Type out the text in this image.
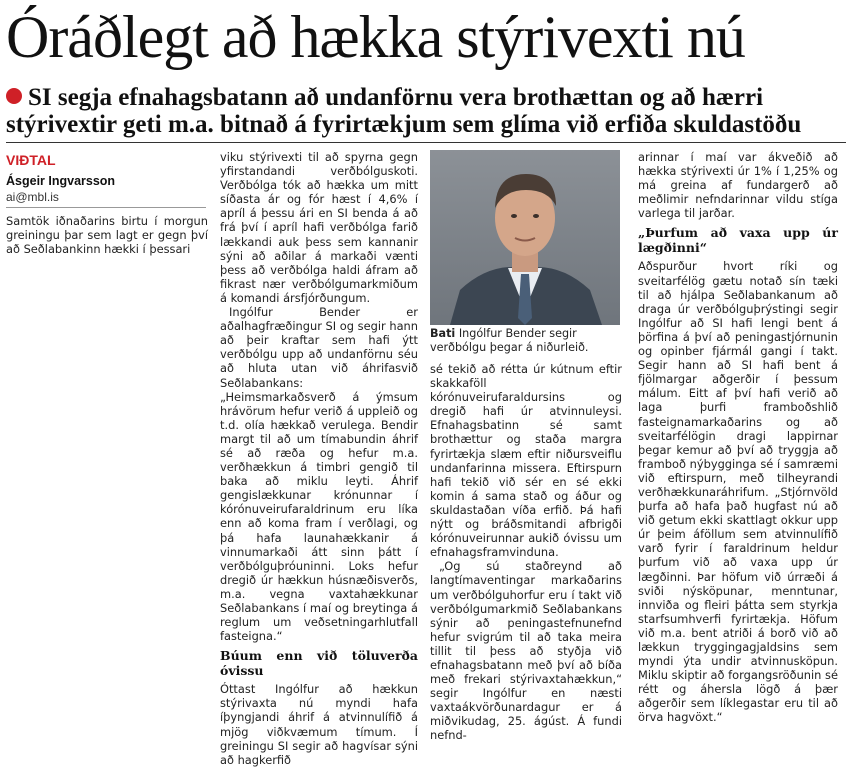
Óráðlegt að hækka stýrivexti nú
SI segja efnahagsbatann að undanförnu vera brothættan og að hærri stýrivextir geti m.a. bitnað á fyrirtækjum sem glíma við erfiða skuldastöðu
VIÐTAL
Ásgeir Ingvarsson
ai@mbl.is

Samtök iðnaðarins birtu í morgun greiningu þar sem lagt er gegn því að Seðlabankinn hækki í þessari

viku stýrivexti til að spyrna gegn yfirstandandi verðbólguskoti. Verðbólga tók að hækka um mitt síðasta ár og fór hæst í 4,6% í apríl á þessu ári en SI benda á að frá því í apríl hafi verðbólga farið lækkandi auk þess sem kannanir sýni að aðilar á markaði vænti þess að verðbólga haldi áfram að fikrast nær verðbólgumarkmiðum á komandi ársfjórðungum.

Ingólfur Bender er aðalhagfræðingur SI og segir hann að þeir kraftar sem hafi ýtt verðbólgu upp að undanförnu séu að hluta utan við áhrifasvið Seðlabankans: „Heimsmarkaðsverð á ýmsum hrávörum hefur verið á uppleið og t.d. olía hækkað verulega. Bendir margt til að um tímabundin áhrif sé að ræða og hefur m.a. verðhækkun á timbri gengið til baka að miklu leyti. Áhrif gengislækkunar krónunnar í kórónuveirufaraldrinum eru líka enn að koma fram í verðlagi, og þá hafa launahækkanir á vinnumarkaði átt sinn þátt í verðbólguþróuninni. Loks hefur dregið úr hækkun húsnæðisverðs, m.a. vegna vaxtahækkunar Seðlabankans í maí og breytinga á reglum um veðsetningarhlutfall fasteigna.“

Búum enn við töluverða óvissu

Óttast Ingólfur að hækkun stýrivaxta nú myndi hafa íþyngjandi áhrif á atvinnulífið á mjög viðkvæmum tímum. Í greiningu SI segir að hagvísar sýni að hagkerfið

Bati Ingólfur Bender segir verðbólgu þegar á niðurleið.

sé tekið að rétta úr kútnum eftir skakkaföll kórónuveirufaraldursins og dregið hafi úr atvinnuleysi. Efnahagsbatinn sé samt brothættur og staða margra fyrirtækja slæm eftir niðursveiflu undanfarinna missera. Eftirspurn hafi tekið við sér en sé ekki komin á sama stað og áður og skuldastaðan víða erfið. Þá hafi nýtt og bráðsmitandi afbrigði kórónuveirunnar aukið óvissu um efnahagsframvinduna.

„Og sú staðreynd að langtímaventingar markaðarins um verðbólguhorfur eru í takt við verðbólgumarkmið Seðlabankans sýnir að peningastefnunefnd hefur svigrúm til að taka meira tillit til þess að styðja við efnahagsbatann með því að bíða með frekari stýrivaxtahækkun,“ segir Ingólfur en næsti vaxtaákvörðunardagur er á miðvikudag, 25. ágúst. Á fundi nefnd-

arinnar í maí var ákveðið að hækka stýrivexti úr 1% í 1,25% og má greina af fundargerð að meðlimir nefndarinnar vildu stíga varlega til jarðar.

„Þurfum að vaxa upp úr lægðinni“

Aðspurður hvort ríki og sveitarfélög gætu notað sín tæki til að hjálpa Seðlabankanum að draga úr verðbólguþrýstingi segir Ingólfur að SI hafi lengi bent á þörfina á því að peningastjórnunin og opinber fjármál gangi í takt. Segir hann að SI hafi bent á fjölmargar aðgerðir í þessum málum. Eitt af því hafi verið að laga þurfi framboðshlið fasteignamarkaðarins og að sveitarfélögin dragi lappirnar þegar kemur að því að tryggja að framboð nýbygginga sé í samræmi við eftirspurn, með tilheyrandi verðhækkunaráhrifum. „Stjórnvöld þurfa að hafa það hugfast nú að við getum ekki skattlagt okkur upp úr þeim áföllum sem atvinnulífið varð fyrir í faraldrinum heldur þurfum við að vaxa upp úr lægðinni. Þar höfum við úrræði á sviði nýsköpunar, menntunar, innviða og fleiri þátta sem styrkja starfsumhverfi fyrirtækja. Höfum við m.a. bent atriði á borð við að lækkun tryggingagjaldsins sem myndi ýta undir atvinnusköpun. Miklu skiptir að forgangsröðunin sé rétt og áhersla lögð á þær aðgerðir sem líklegastar eru til að örva hagvöxt.“
